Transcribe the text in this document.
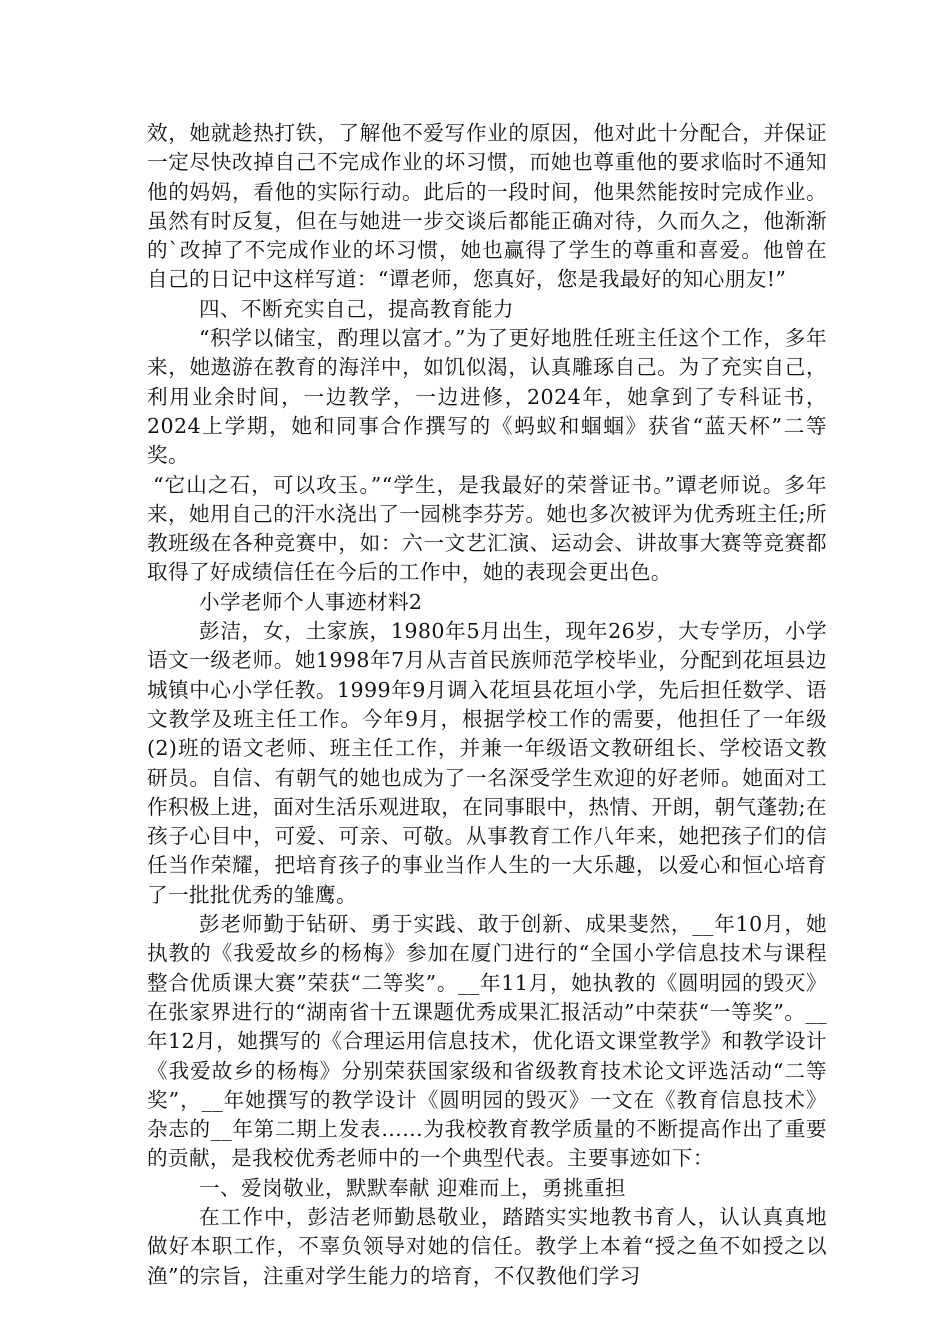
效，她就趁热打铁，了解他不爱写作业的原因，他对此十分配合，并保证一定尽快改掉自己不完成作业的坏习惯，而她也尊重他的要求临时不通知他的妈妈，看他的实际行动。此后的一段时间，他果然能按时完成作业。虽然有时反复，但在与她进一步交谈后都能正确对待，久而久之，他渐渐的`改掉了不完成作业的坏习惯，她也赢得了学生的尊重和喜爱。他曾在自己的日记中这样写道：“谭老师，您真好，您是我最好的知心朋友!”

四、不断充实自己，提高教育能力

“积学以储宝，酌理以富才。”为了更好地胜任班主任这个工作，多年来，她遨游在教育的海洋中，如饥似渴，认真雕琢自己。为了充实自己，利用业余时间，一边教学，一边进修，2024年，她拿到了专科证书，2024上学期，她和同事合作撰写的《蚂蚁和蝈蝈》获省“蓝天杯”二等奖。

“它山之石，可以攻玉。”“学生，是我最好的荣誉证书。”谭老师说。多年来，她用自己的汗水浇出了一园桃李芬芳。她也多次被评为优秀班主任;所教班级在各种竞赛中，如：六一文艺汇演、运动会、讲故事大赛等竞赛都取得了好成绩信任在今后的工作中，她的表现会更出色。

小学老师个人事迹材料2

彭洁，女，土家族，1980年5月出生，现年26岁，大专学历，小学语文一级老师。她1998年7月从吉首民族师范学校毕业，分配到花垣县边城镇中心小学任教。1999年9月调入花垣县花垣小学，先后担任数学、语文教学及班主任工作。今年9月，根据学校工作的需要，他担任了一年级(2)班的语文老师、班主任工作，并兼一年级语文教研组长、学校语文教研员。自信、有朝气的她也成为了一名深受学生欢迎的好老师。她面对工作积极上进，面对生活乐观进取，在同事眼中，热情、开朗，朝气蓬勃;在孩子心目中，可爱、可亲、可敬。从事教育工作八年来，她把孩子们的信任当作荣耀，把培育孩子的事业当作人生的一大乐趣，以爱心和恒心培育了一批批优秀的雏鹰。

彭老师勤于钻研、勇于实践、敢于创新、成果斐然，__年10月，她执教的《我爱故乡的杨梅》参加在厦门进行的“全国小学信息技术与课程整合优质课大赛”荣获“二等奖”。__年11月，她执教的《圆明园的毁灭》在张家界进行的“湖南省十五课题优秀成果汇报活动”中荣获“一等奖”。__年12月，她撰写的《合理运用信息技术，优化语文课堂教学》和教学设计《我爱故乡的杨梅》分别荣获国家级和省级教育技术论文评选活动“二等奖”，__年她撰写的教学设计《圆明园的毁灭》一文在《教育信息技术》杂志的__年第二期上发表……为我校教育教学质量的不断提高作出了重要的贡献，是我校优秀老师中的一个典型代表。主要事迹如下：

一、爱岗敬业，默默奉献 迎难而上，勇挑重担

在工作中，彭洁老师勤恳敬业，踏踏实实地教书育人，认认真真地做好本职工作，不辜负领导对她的信任。教学上本着“授之鱼不如授之以渔”的宗旨，注重对学生能力的培育，不仅教他们学习
